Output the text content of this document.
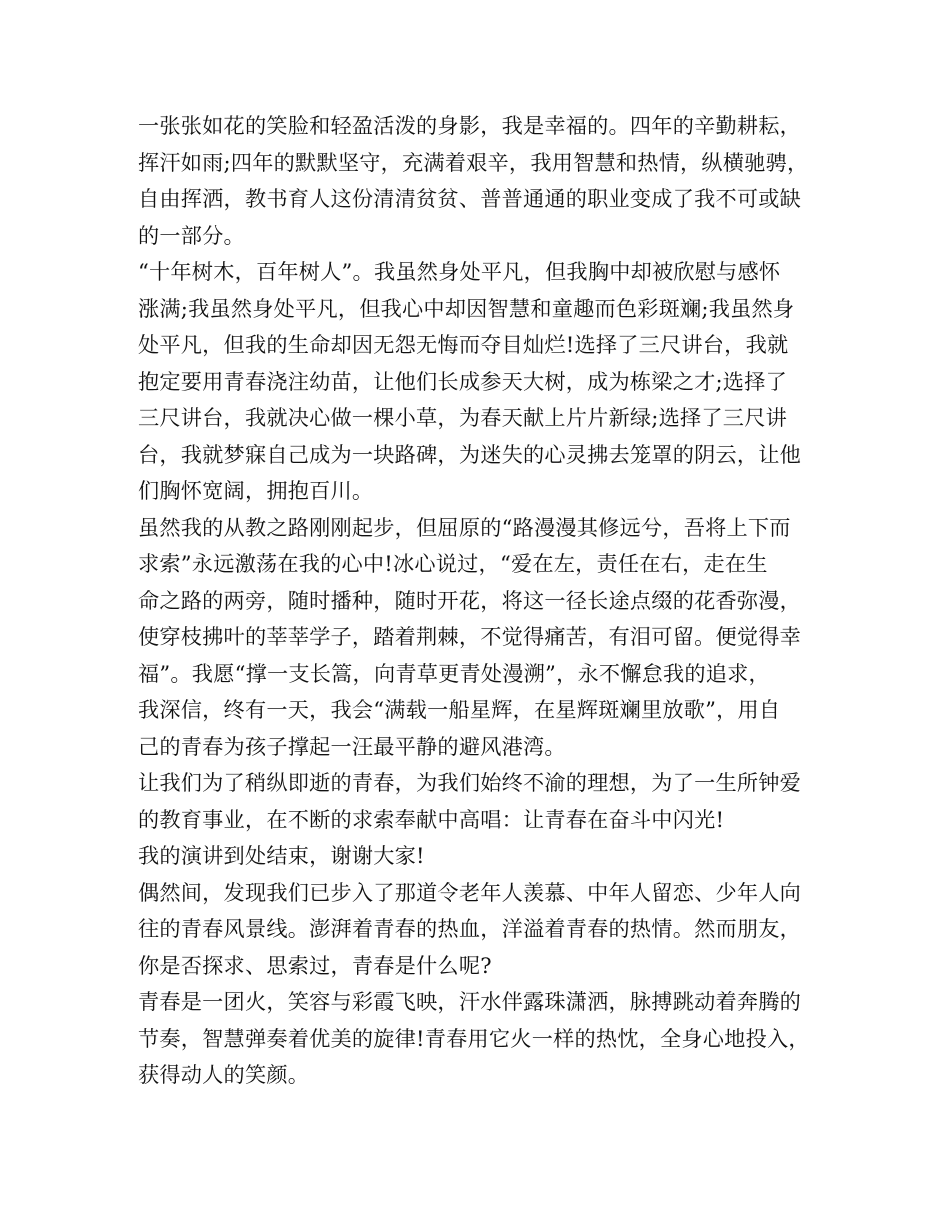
一张张如花的笑脸和轻盈活泼的身影，我是幸福的。四年的辛勤耕耘，
挥汗如雨;四年的默默坚守，充满着艰辛，我用智慧和热情，纵横驰骋，
自由挥洒，教书育人这份清清贫贫、普普通通的职业变成了我不可或缺
的一部分。
“十年树木，百年树人”。我虽然身处平凡，但我胸中却被欣慰与感怀
涨满;我虽然身处平凡，但我心中却因智慧和童趣而色彩斑斓;我虽然身
处平凡，但我的生命却因无怨无悔而夺目灿烂!选择了三尺讲台，我就
抱定要用青春浇注幼苗，让他们长成参天大树，成为栋梁之才;选择了
三尺讲台，我就决心做一棵小草，为春天献上片片新绿;选择了三尺讲
台，我就梦寐自己成为一块路碑，为迷失的心灵拂去笼罩的阴云，让他
们胸怀宽阔，拥抱百川。
虽然我的从教之路刚刚起步，但屈原的“路漫漫其修远兮，吾将上下而
求索”永远激荡在我的心中!冰心说过，“爱在左，责任在右，走在生
命之路的两旁，随时播种，随时开花，将这一径长途点缀的花香弥漫，
使穿枝拂叶的莘莘学子，踏着荆棘，不觉得痛苦，有泪可留。便觉得幸
福”。我愿“撑一支长篙，向青草更青处漫溯”，永不懈怠我的追求，
我深信，终有一天，我会“满载一船星辉，在星辉斑斓里放歌”，用自
己的青春为孩子撑起一汪最平静的避风港湾。
让我们为了稍纵即逝的青春，为我们始终不渝的理想，为了一生所钟爱
的教育事业，在不断的求索奉献中高唱：让青春在奋斗中闪光!
我的演讲到处结束，谢谢大家!
偶然间，发现我们已步入了那道令老年人羡慕、中年人留恋、少年人向
往的青春风景线。澎湃着青春的热血，洋溢着青春的热情。然而朋友，
你是否探求、思索过，青春是什么呢?
青春是一团火，笑容与彩霞飞映，汗水伴露珠潇洒，脉搏跳动着奔腾的
节奏，智慧弹奏着优美的旋律!青春用它火一样的热忱，全身心地投入，
获得动人的笑颜。
